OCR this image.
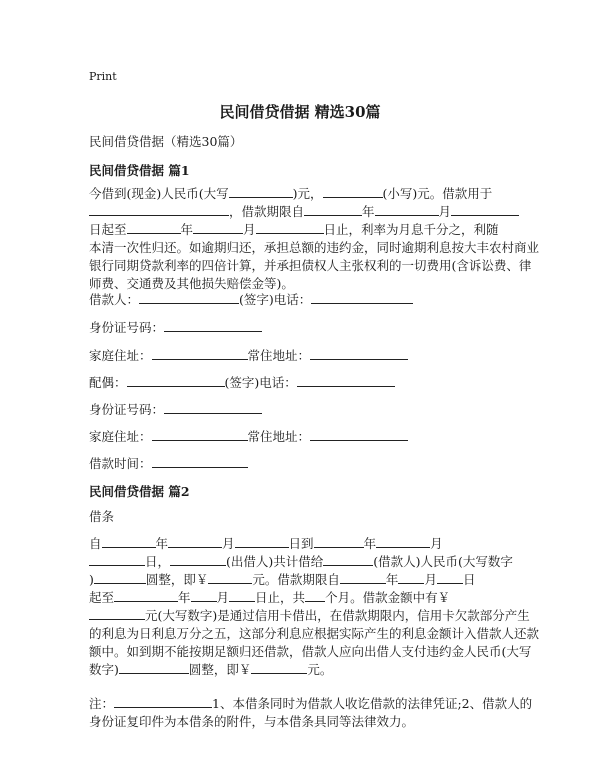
Print
民间借贷借据 精选30篇
民间借贷借据（精选30篇）
民间借贷借据 篇1
今借到(现金)人民币(大写	)元，	(小写)元。借款用于
，借款期限自	年	月
日起至	年	月	日止，利率为月息千分之，利随
本清一次性归还。如逾期归还，承担总额的违约金，同时逾期利息按大丰农村商业
银行同期贷款利率的四倍计算，并承担债权人主张权利的一切费用(含诉讼费、律
师费、交通费及其他损失赔偿金等)。
借款人：	(签字)电话：
身份证号码：
家庭住址：	常住地址：
配偶：	(签字)电话：
身份证号码：
家庭住址：	常住地址：
借款时间：
民间借贷借据 篇2
借条
自	年	月	日到	年	月
日，	(出借人)共计借给	(借款人)人民币(大写数字
)	圆整，即￥	元。借款期限自	年 月 日
起至	年 月 日止，共 个月。借款金额中有￥
元(大写数字)是通过信用卡借出，在借款期限内，信用卡欠款部分产生
的利息为日利息万分之五，这部分利息应根据实际产生的利息金额计入借款人还款
额中。如到期不能按期足额归还借款，借款人应向出借人支付违约金人民币(大写
数字)	圆整，即￥	元。
注：	1、本借条同时为借款人收讫借款的法律凭证;2、借款人的
身份证复印件为本借条的附件，与本借条具同等法律效力。
